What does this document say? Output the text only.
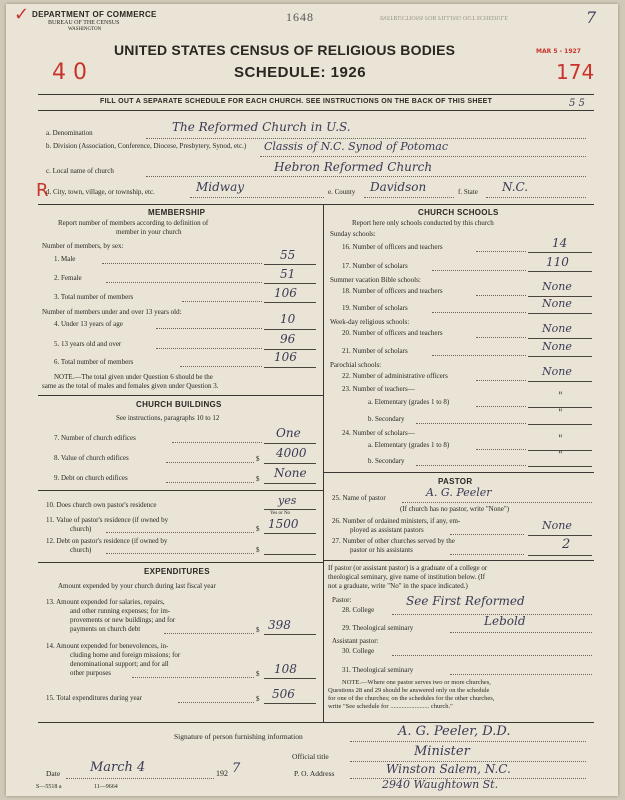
✓ DEPARTMENT OF COMMERCE
BUREAU OF THE CENSUS
WASHINGTON
1648	INSTRUCTIONS FOR FILLING OUT SCHEDULE	7
UNITED STATES CENSUS OF RELIGIOUS BODIES
SCHEDULE: 1926
4 0
MAR 5 - 1927
174
FILL OUT A SEPARATE SCHEDULE FOR EACH CHURCH. SEE INSTRUCTIONS ON THE BACK OF THIS SHEET	5 5
a. Denomination	The Reformed Church in U.S.
b. Division (Association, Conference, Diocese, Presbytery, Synod, etc.)	Classis of N.C. Synod of Potomac
c. Local name of church	Hebron Reformed Church
R
d. City, town, village, or township, etc.	Midway	e. County Davidson	f. State N.C.
MEMBERSHIP
Report number of members according to definition of
member in your church
Number of members, by sex:
1. Male	55
2. Female	51
3. Total number of members	106
Number of members under and over 13 years old:
4. Under 13 years of age	10
5. 13 years old and over	96
6. Total number of members	106
NOTE.—The total given under Question 6 should be the
same as the total of males and females given under Question 3.
CHURCH BUILDINGS
See instructions, paragraphs 10 to 12
7. Number of church edifices	One
8. Value of church edifices	$ 4000
9. Debt on church edifices	$ None
10. Does church own pastor's residence	yes
Yes or No
11. Value of pastor's residence (if owned by
church)	$ 1500
12. Debt on pastor's residence (if owned by
church)	$
EXPENDITURES
Amount expended by your church during last fiscal year
13. Amount expended for salaries, repairs,
and other running expenses; for im-
provements or new buildings; and for
payments on church debt	$ 398
14. Amount expended for benevolences, in-
cluding home and foreign missions; for
denominational support; and for all
other purposes	$ 108
15. Total expenditures during year	$ 506
CHURCH SCHOOLS
Report here only schools conducted by this church
Sunday schools:
16. Number of officers and teachers	14
17. Number of scholars	110
Summer vacation Bible schools:
18. Number of officers and teachers	None
19. Number of scholars	None
Week-day religious schools:
20. Number of officers and teachers	None
21. Number of scholars	None
Parochial schools:
22. Number of administrative officers	None
23. Number of teachers—
a. Elementary (grades 1 to 8)	"
b. Secondary	"
24. Number of scholars—
a. Elementary (grades 1 to 8)	"
b. Secondary	"
PASTOR
25. Name of pastor	A. G. Peeler
(If church has no pastor, write "None")
26. Number of ordained ministers, if any, em-
ployed as assistant pastors	None
27. Number of other churches served by the
pastor or his assistants	2
If pastor (or assistant pastor) is a graduate of a college or
theological seminary, give name of institution below. (If
not a graduate, write "No" in the space indicated.)
Pastor:
28. College
See First Reformed
29. Theological seminary	Lebold
Assistant pastor:
30. College
31. Theological seminary
NOTE.—Where one pastor serves two or more churches,
Questions 28 and 29 should be answered only on the schedule
for one of the churches; on the schedules for the other churches,
write "See schedule for ........................ church."
Signature of person furnishing information	A. G. Peeler, D.D.
Official title	Minister
Date March 4	192 7	P. O. Address	Winston Salem, N.C.
2940 Waughtown St.
S—5518 a	11—9664
